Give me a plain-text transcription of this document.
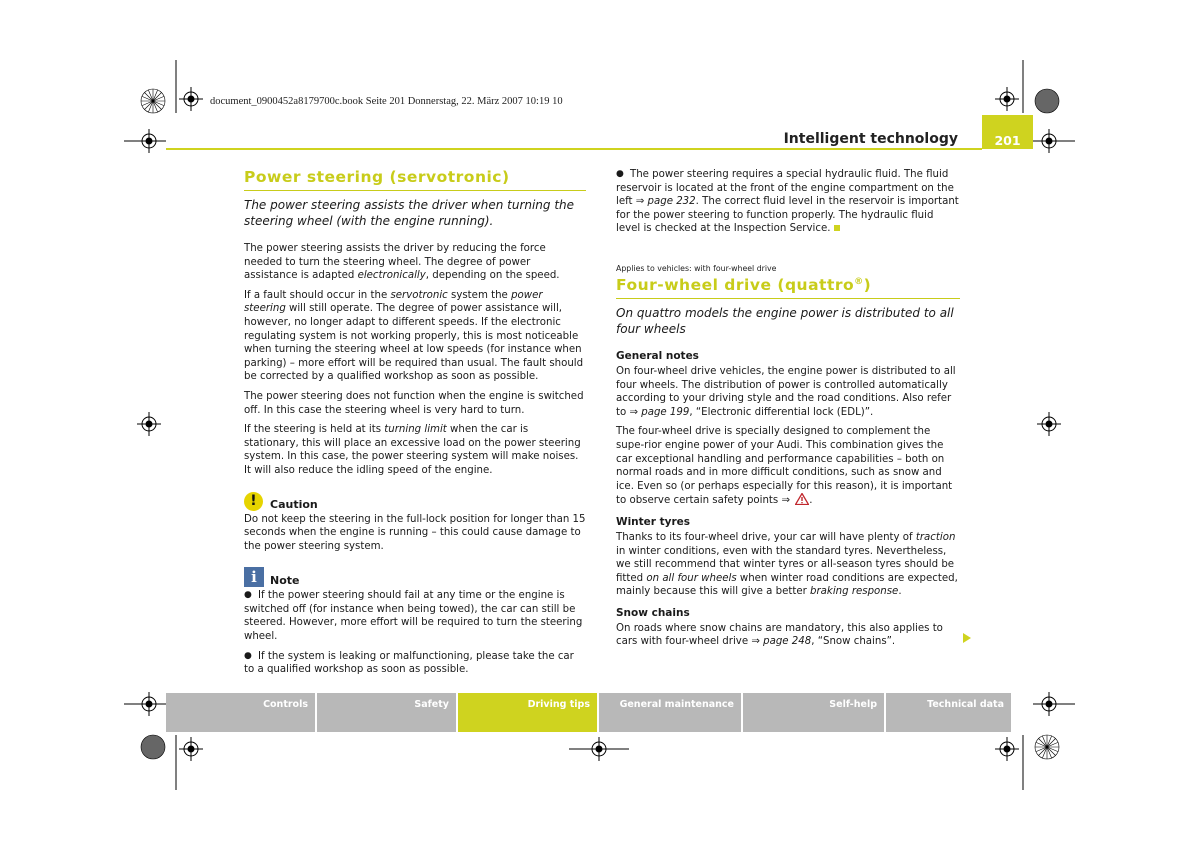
document_0900452a8179700c.book Seite 201 Donnerstag, 22. März 2007 10:19 10
Intelligent technology	201
Power steering (servotronic)
The power steering assists the driver when turning the steering wheel (with the engine running).

The power steering assists the driver by reducing the force needed to turn the steering wheel. The degree of power assistance is adapted electronically, depending on the speed.

If a fault should occur in the servotronic system the power steering will still operate. The degree of power assistance will, however, no longer adapt to different speeds. If the electronic regulating system is not working properly, this is most noticeable when turning the steering wheel at low speeds (for instance when parking) – more effort will be required than usual. The fault should be corrected by a qualified workshop as soon as possible.

The power steering does not function when the engine is switched off. In this case the steering wheel is very hard to turn.

If the steering is held at its turning limit when the car is stationary, this will place an excessive load on the power steering system. In this case, the power steering system will make noises. It will also reduce the idling speed of the engine.

!	Caution

Do not keep the steering in the full-lock position for longer than 15 seconds when the engine is running – this could cause damage to the power steering system.

i	Note

● If the power steering should fail at any time or the engine is switched off (for instance when being towed), the car can still be steered. However, more effort will be required to turn the steering wheel.

● If the system is leaking or malfunctioning, please take the car to a qualified workshop as soon as possible.

● The power steering requires a special hydraulic fluid. The fluid reservoir is located at the front of the engine compartment on the left ⇒ page 232. The correct fluid level in the reservoir is important for the power steering to function properly. The hydraulic fluid level is checked at the Inspection Service.

Applies to vehicles: with four-wheel drive
Four-wheel drive (quattro®)
On quattro models the engine power is distributed to all four wheels
General notes

On four-wheel drive vehicles, the engine power is distributed to all four wheels. The distribution of power is controlled automatically according to your driving style and the road conditions. Also refer to ⇒ page 199, “Electronic differential lock (EDL)”.

The four-wheel drive is specially designed to complement the supe-rior engine power of your Audi. This combination gives the car exceptional handling and performance capabilities – both on normal roads and in more difficult conditions, such as snow and ice. Even so (or perhaps especially for this reason), it is important to observe certain safety points ⇒ .

Winter tyres

Thanks to its four-wheel drive, your car will have plenty of traction in winter conditions, even with the standard tyres. Nevertheless, we still recommend that winter tyres or all-season tyres should be fitted on all four wheels when winter road conditions are expected, mainly because this will give a better braking response.

Snow chains

On roads where snow chains are mandatory, this also applies to cars with four-wheel drive ⇒ page 248, “Snow chains”.

Controls	Safety	Driving tips	General maintenance	Self-help	Technical data
